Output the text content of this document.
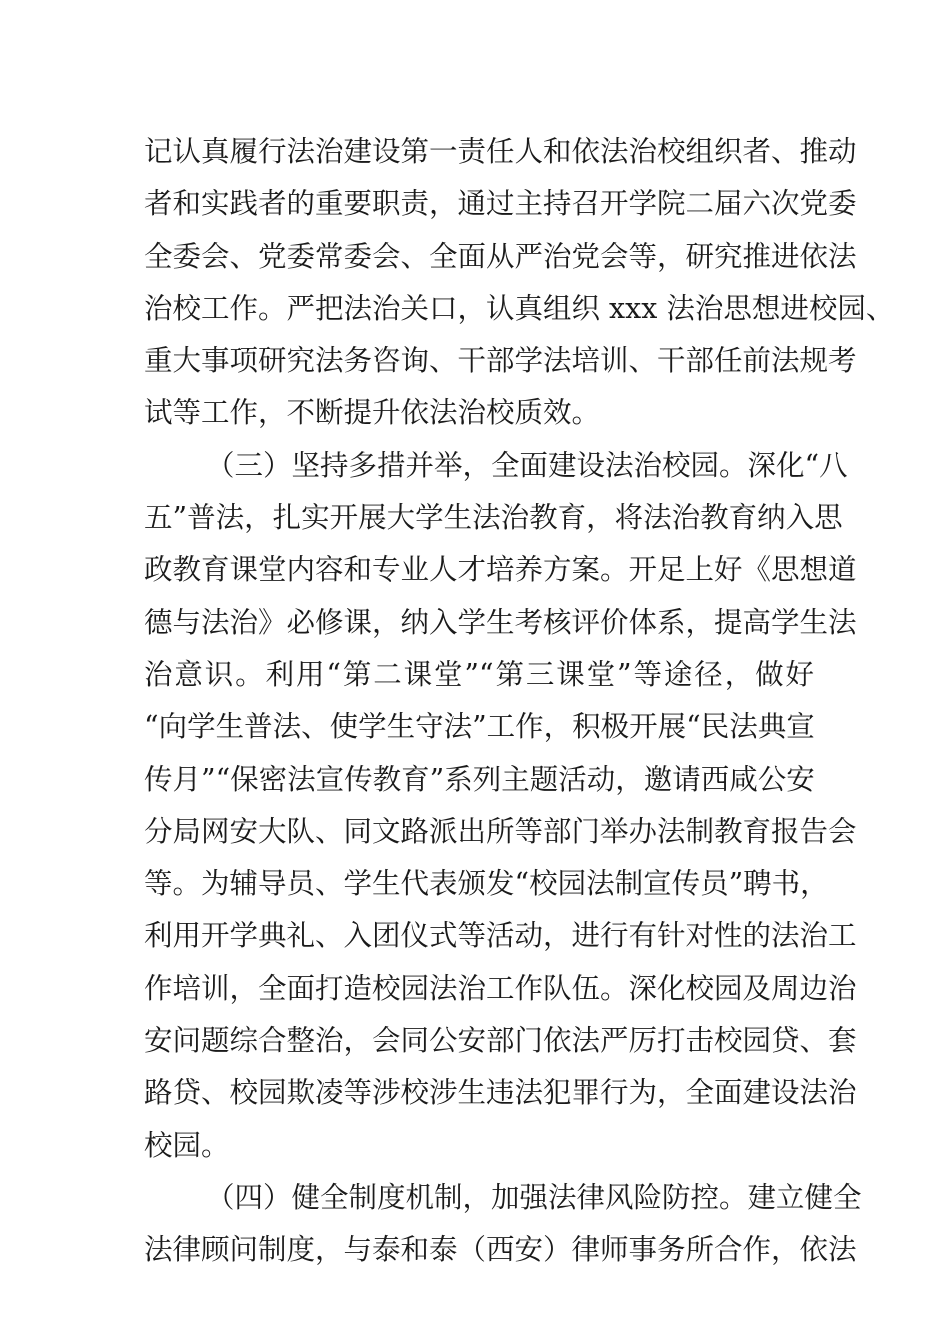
记认真履行法治建设第一责任人和依法治校组织者、推动
者和实践者的重要职责，通过主持召开学院二届六次党委
全委会、党委常委会、全面从严治党会等，研究推进依法
治校工作。严把法治关口，认真组织 xxx 法治思想进校园、
重大事项研究法务咨询、干部学法培训、干部任前法规考
试等工作，不断提升依法治校质效。
（三）坚持多措并举，全面建设法治校园。深化“八
五”普法，扎实开展大学生法治教育，将法治教育纳入思
政教育课堂内容和专业人才培养方案。开足上好《思想道
德与法治》必修课，纳入学生考核评价体系，提高学生法
治意识。利用“第二课堂”“第三课堂”等途径，做好
“向学生普法、使学生守法”工作，积极开展“民法典宣
传月”“保密法宣传教育”系列主题活动，邀请西咸公安
分局网安大队、同文路派出所等部门举办法制教育报告会
等。为辅导员、学生代表颁发“校园法制宣传员”聘书，
利用开学典礼、入团仪式等活动，进行有针对性的法治工
作培训，全面打造校园法治工作队伍。深化校园及周边治
安问题综合整治，会同公安部门依法严厉打击校园贷、套
路贷、校园欺凌等涉校涉生违法犯罪行为，全面建设法治
校园。
（四）健全制度机制，加强法律风险防控。建立健全
法律顾问制度，与泰和泰（西安）律师事务所合作，依法
